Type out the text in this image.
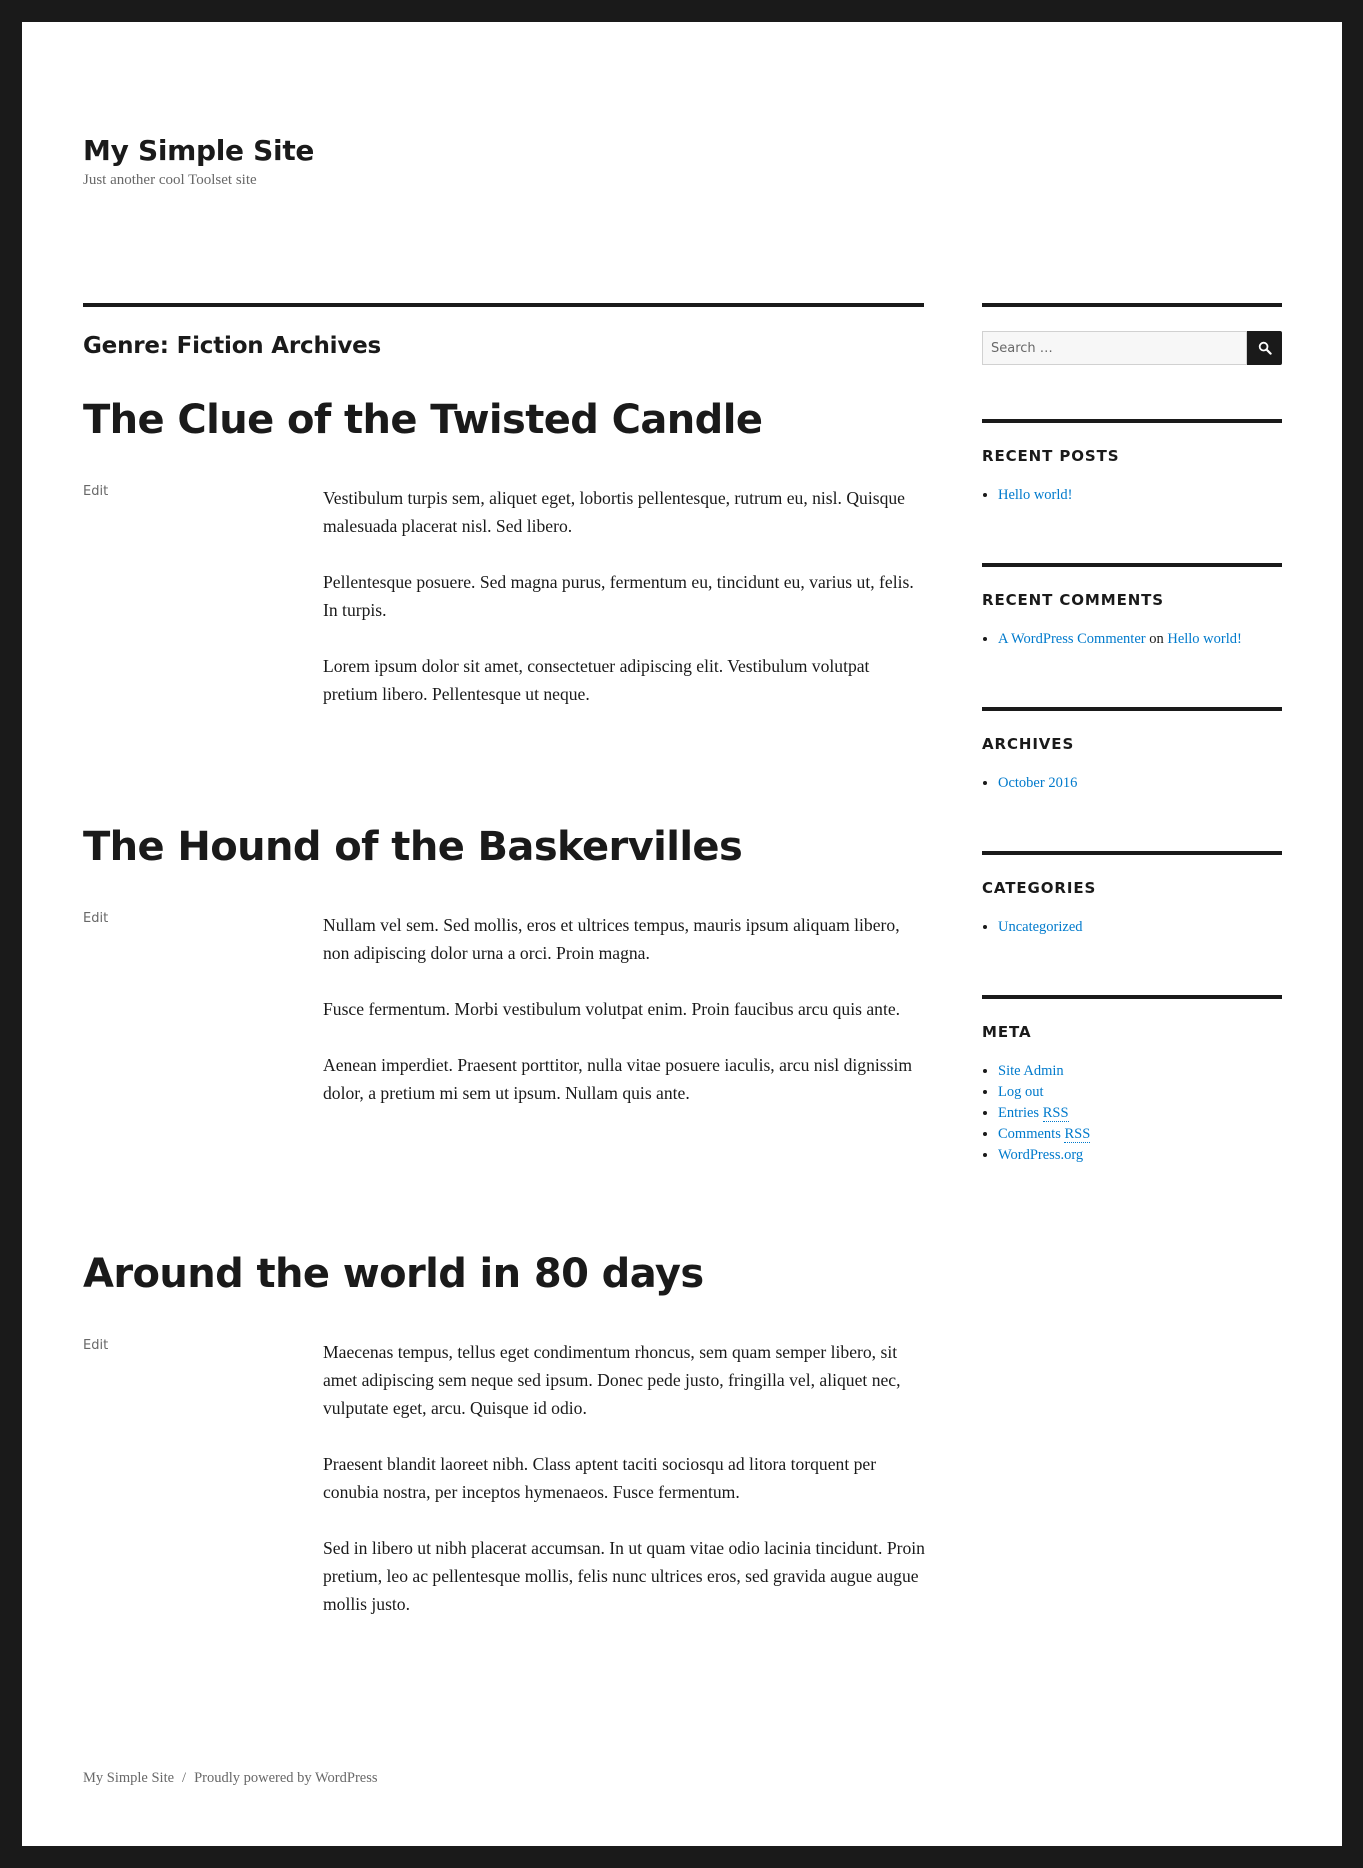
My Simple Site

Just another cool Toolset site

Genre: Fiction Archives
The Clue of the Twisted Candle
Edit	Vestibulum turpis sem, aliquet eget, lobortis pellentesque, rutrum eu, nisl. Quisque malesuada placerat nisl. Sed libero.

Pellentesque posuere. Sed magna purus, fermentum eu, tincidunt eu, varius ut, felis. In turpis.

Lorem ipsum dolor sit amet, consectetuer adipiscing elit. Vestibulum volutpat pretium libero. Pellentesque ut neque.

The Hound of the Baskervilles
Edit	Nullam vel sem. Sed mollis, eros et ultrices tempus, mauris ipsum aliquam libero, non adipiscing dolor urna a orci. Proin magna.

Fusce fermentum. Morbi vestibulum volutpat enim. Proin faucibus arcu quis ante.

Aenean imperdiet. Praesent porttitor, nulla vitae posuere iaculis, arcu nisl dignissim dolor, a pretium mi sem ut ipsum. Nullam quis ante.

Around the world in 80 days
Edit	Maecenas tempus, tellus eget condimentum rhoncus, sem quam semper libero, sit amet adipiscing sem neque sed ipsum. Donec pede justo, fringilla vel, aliquet nec, vulputate eget, arcu. Quisque id odio.

Praesent blandit laoreet nibh. Class aptent taciti sociosqu ad litora torquent per conubia nostra, per inceptos hymenaeos. Fusce fermentum.

Sed in libero ut nibh placerat accumsan. In ut quam vitae odio lacinia tincidunt. Proin pretium, leo ac pellentesque mollis, felis nunc ultrices eros, sed gravida augue augue mollis justo.

Search …
RECENT POSTS
• Hello world!
RECENT COMMENTS
• A WordPress Commenter on Hello world!
ARCHIVES
• October 2016
CATEGORIES
• Uncategorized
META
• Site Admin
• Log out
• Entries RSS
• Comments RSS
• WordPress.org
My Simple Site / Proudly powered by WordPress
